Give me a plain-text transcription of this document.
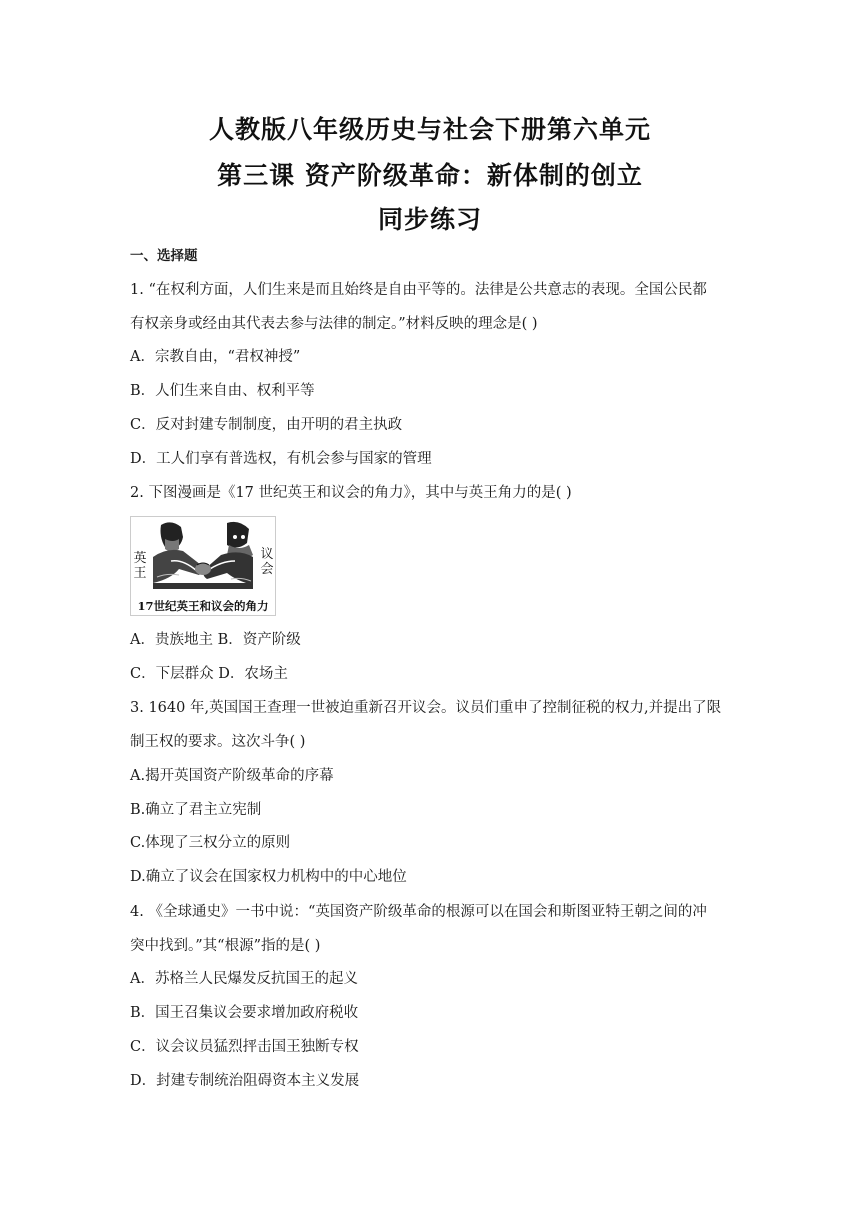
人教版八年级历史与社会下册第六单元
第三课 资产阶级革命：新体制的创立
同步练习
一、选择题
1. “在权利方面，人们生来是而且始终是自由平等的。法律是公共意志的表现。全国公民都
有权亲身或经由其代表去参与法律的制定。”材料反映的理念是( )
A．宗教自由，“君权神授”
B．人们生来自由、权利平等
C．反对封建专制制度，由开明的君主执政
D．工人们享有普选权，有机会参与国家的管理
2. 下图漫画是《17 世纪英王和议会的角力》，其中与英王角力的是( )
英王
议会
17世纪英王和议会的角力
A．贵族地主 B．资产阶级
C．下层群众 D．农场主
3. 1640 年,英国国王查理一世被迫重新召开议会。议员们重申了控制征税的权力,并提出了限
制王权的要求。这次斗争( )
A.揭开英国资产阶级革命的序幕
B.确立了君主立宪制
C.体现了三权分立的原则
D.确立了议会在国家权力机构中的中心地位
4. 《全球通史》一书中说：“英国资产阶级革命的根源可以在国会和斯图亚特王朝之间的冲
突中找到。”其“根源”指的是( )
A．苏格兰人民爆发反抗国王的起义
B．国王召集议会要求增加政府税收
C．议会议员猛烈抨击国王独断专权
D．封建专制统治阻碍资本主义发展
